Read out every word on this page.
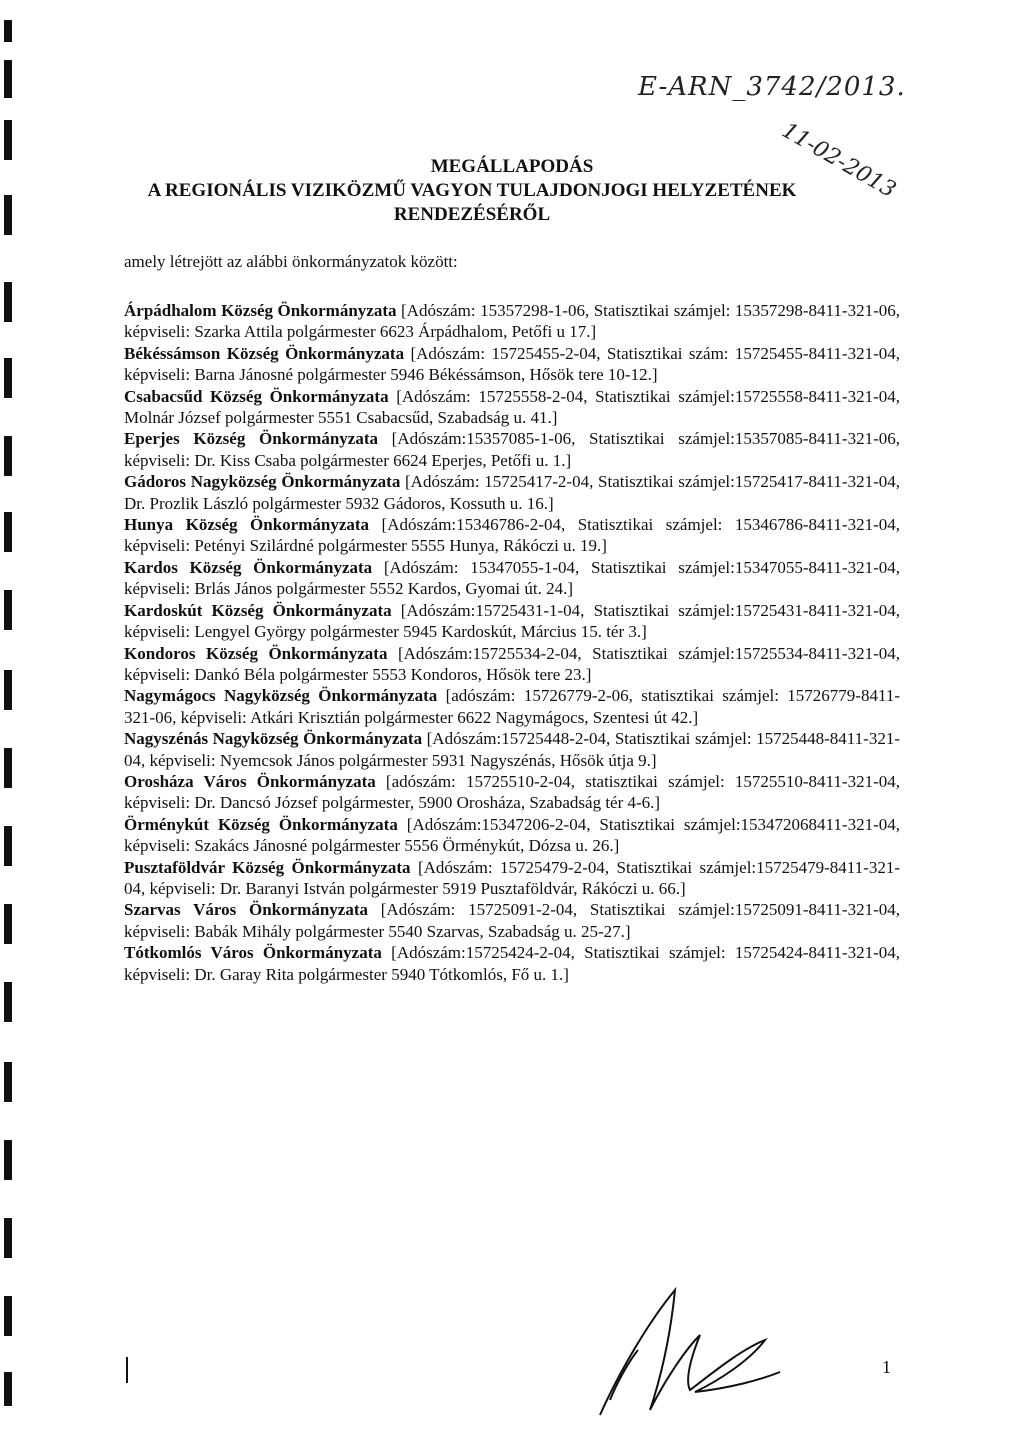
E-ARN_3742/2013.
11-02-2013
MEGÁLLAPODÁS
A REGIONÁLIS VIZIKÖZMŰ VAGYON TULAJDONJOGI HELYZETÉNEK
RENDEZÉSÉRŐL
amely létrejött az alábbi önkormányzatok között:
Árpádhalom Község Önkormányzata [Adószám: 15357298-1-06, Statisztikai számjel: 15357298-8411-321-06, képviseli: Szarka Attila polgármester 6623 Árpádhalom, Petőfi u 17.]
Békéssámson Község Önkormányzata [Adószám: 15725455-2-04, Statisztikai szám: 15725455-8411-321-04, képviseli: Barna Jánosné polgármester 5946 Békéssámson, Hősök tere 10-12.]
Csabacsűd Község Önkormányzata [Adószám: 15725558-2-04, Statisztikai számjel:15725558-8411-321-04, Molnár József polgármester 5551 Csabacsűd, Szabadság u. 41.]
Eperjes Község Önkormányzata [Adószám:15357085-1-06, Statisztikai számjel:15357085-8411-321-06, képviseli: Dr. Kiss Csaba polgármester 6624 Eperjes, Petőfi u. 1.]
Gádoros Nagyközség Önkormányzata [Adószám: 15725417-2-04, Statisztikai számjel:15725417-8411-321-04, Dr. Prozlik László polgármester 5932 Gádoros, Kossuth u. 16.]
Hunya Község Önkormányzata [Adószám:15346786-2-04, Statisztikai számjel: 15346786-8411-321-04, képviseli: Petényi Szilárdné polgármester 5555 Hunya, Rákóczi u. 19.]
Kardos Község Önkormányzata [Adószám: 15347055-1-04, Statisztikai számjel:15347055-8411-321-04, képviseli: Brlás János polgármester 5552 Kardos, Gyomai út. 24.]
Kardoskút Község Önkormányzata [Adószám:15725431-1-04, Statisztikai számjel:15725431-8411-321-04, képviseli: Lengyel György polgármester 5945 Kardoskút, Március 15. tér 3.]
Kondoros Község Önkormányzata [Adószám:15725534-2-04, Statisztikai számjel:15725534-8411-321-04, képviseli: Dankó Béla polgármester 5553 Kondoros, Hősök tere 23.]
Nagymágocs Nagyközség Önkormányzata [adószám: 15726779-2-06, statisztikai számjel: 15726779-8411-321-06, képviseli: Atkári Krisztián polgármester 6622 Nagymágocs, Szentesi út 42.]
Nagyszénás Nagyközség Önkormányzata [Adószám:15725448-2-04, Statisztikai számjel: 15725448-8411-321-04, képviseli: Nyemcsok János polgármester 5931 Nagyszénás, Hősök útja 9.]
Orosháza Város Önkormányzata [adószám: 15725510-2-04, statisztikai számjel: 15725510-8411-321-04, képviseli: Dr. Dancsó József polgármester, 5900 Orosháza, Szabadság tér 4-6.]
Örménykút Község Önkormányzata [Adószám:15347206-2-04, Statisztikai számjel:153472068411-321-04, képviseli: Szakács Jánosné polgármester 5556 Örménykút, Dózsa u. 26.]
Pusztaföldvár Község Önkormányzata [Adószám: 15725479-2-04, Statisztikai számjel:15725479-8411-321-04, képviseli: Dr. Baranyi István polgármester 5919 Pusztaföldvár, Rákóczi u. 66.]
Szarvas Város Önkormányzata [Adószám: 15725091-2-04, Statisztikai számjel:15725091-8411-321-04, képviseli: Babák Mihály polgármester 5540 Szarvas, Szabadság u. 25-27.]
Tótkomlós Város Önkormányzata [Adószám:15725424-2-04, Statisztikai számjel: 15725424-8411-321-04, képviseli: Dr. Garay Rita polgármester 5940 Tótkomlós, Fő u. 1.]
1
